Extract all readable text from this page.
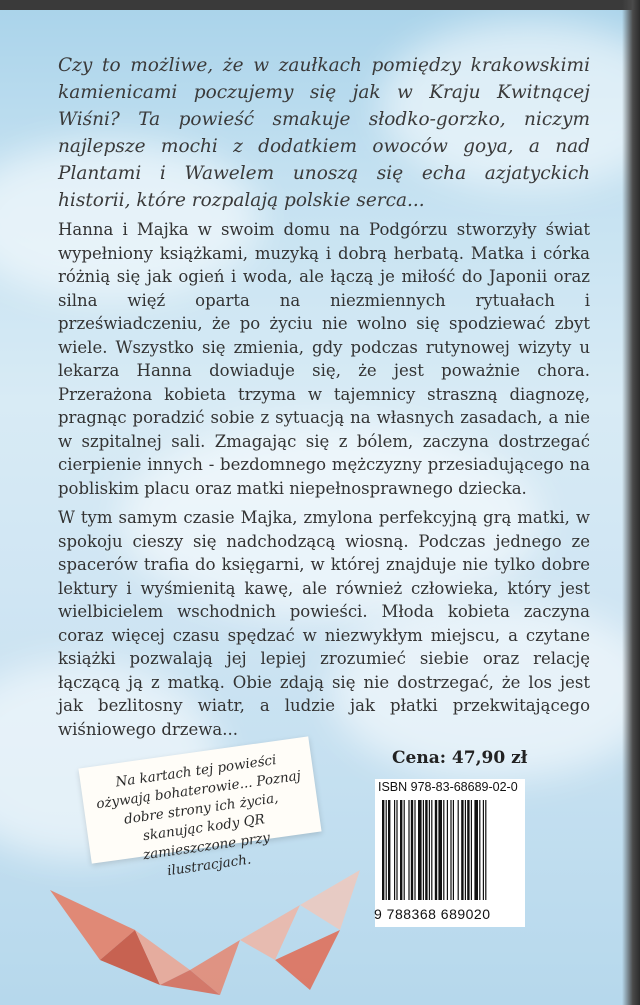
Czy to możliwe, że w zaułkach pomiędzy krakowskimi kamienicami poczujemy się jak w Kraju Kwitnącej Wiśni? Ta powieść smakuje słodko-gorzko, niczym najlepsze mochi z dodatkiem owoców goya, a nad Plantami i Wawelem unoszą się echa azjatyckich historii, które rozpalają polskie serca...
Hanna i Majka w swoim domu na Podgórzu stworzyły świat wypełniony książkami, muzyką i dobrą herbatą. Matka i córka różnią się jak ogień i woda, ale łączą je miłość do Japonii oraz silna więź oparta na niezmiennych rytuałach i przeświadczeniu, że po życiu nie wolno się spodziewać zbyt wiele. Wszystko się zmienia, gdy podczas rutynowej wizyty u lekarza Hanna dowiaduje się, że jest poważnie chora. Przerażona kobieta trzyma w tajemnicy straszną diagnozę, pragnąc poradzić sobie z sytuacją na własnych zasadach, a nie w szpitalnej sali. Zmagając się z bólem, zaczyna dostrzegać cierpienie innych - bezdomnego mężczyzny przesiadującego na pobliskim placu oraz matki niepełnosprawnego dziecka.
W tym samym czasie Majka, zmylona perfekcyjną grą matki, w spokoju cieszy się nadchodzącą wiosną. Podczas jednego ze spacerów trafia do księgarni, w której znajduje nie tylko dobre lektury i wyśmienitą kawę, ale również człowieka, który jest wielbicielem wschodnich powieści. Młoda kobieta zaczyna coraz więcej czasu spędzać w niezwykłym miejscu, a czytane książki pozwalają jej lepiej zrozumieć siebie oraz relację łączącą ją z matką. Obie zdają się nie dostrzegać, że los jest jak bezlitosny wiatr, a ludzie jak płatki przekwitającego wiśniowego drzewa...
Na kartach tej powieści ożywają bohaterowie... Poznaj dobre strony ich życia, skanując kody QR zamieszczone przy ilustracjach.
Cena: 47,90 zł
ISBN 978-83-68689-02-0
9 788368 689020
